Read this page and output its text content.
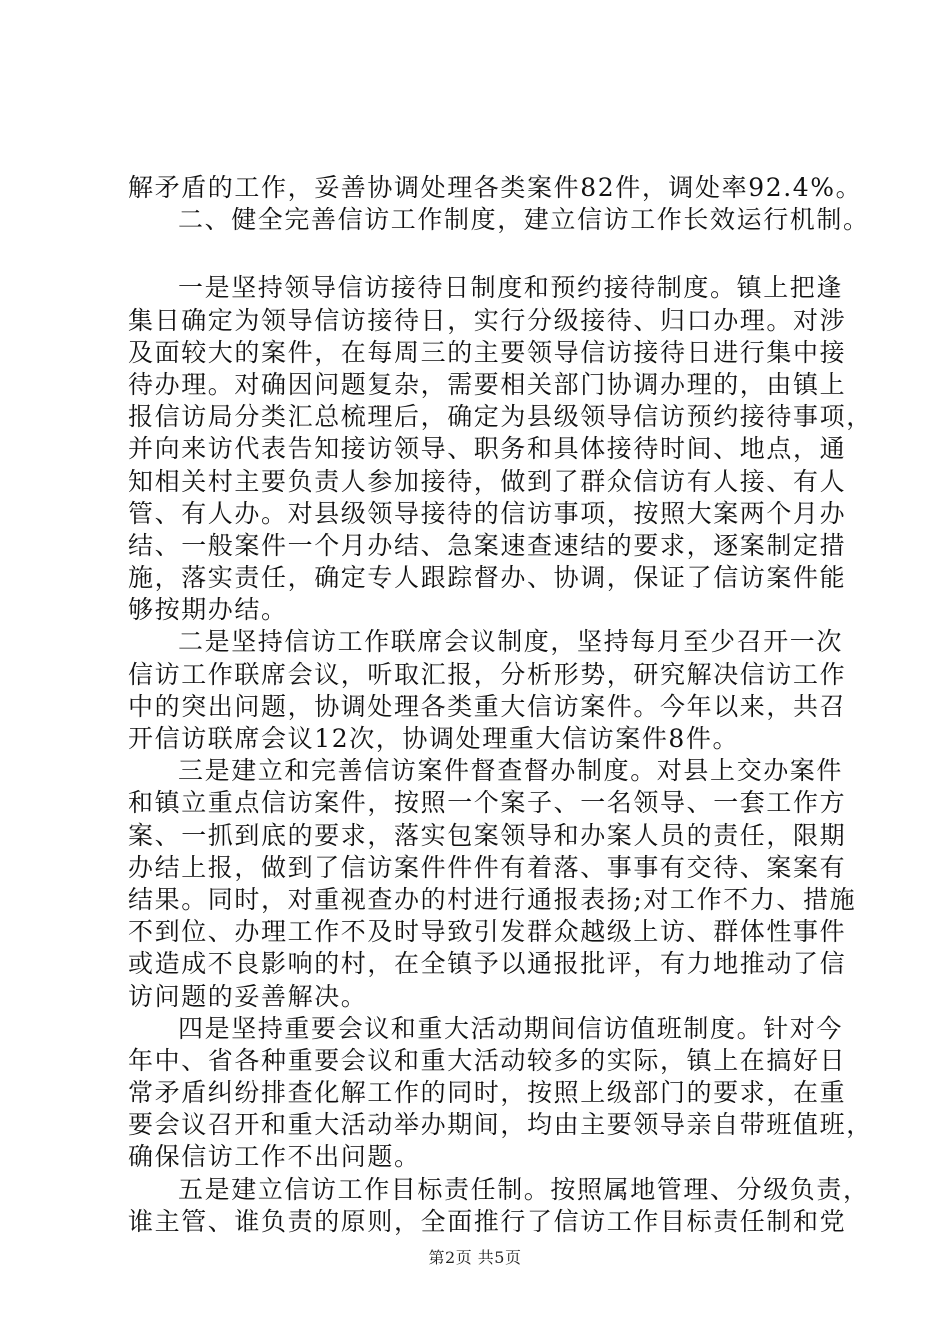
解矛盾的工作，妥善协调处理各类案件82件，调处率92.4%。
二、健全完善信访工作制度，建立信访工作长效运行机制。
一是坚持领导信访接待日制度和预约接待制度。镇上把逢
集日确定为领导信访接待日，实行分级接待、归口办理。对涉
及面较大的案件，在每周三的主要领导信访接待日进行集中接
待办理。对确因问题复杂，需要相关部门协调办理的，由镇上
报信访局分类汇总梳理后，确定为县级领导信访预约接待事项，
并向来访代表告知接访领导、职务和具体接待时间、地点，通
知相关村主要负责人参加接待，做到了群众信访有人接、有人
管、有人办。对县级领导接待的信访事项，按照大案两个月办
结、一般案件一个月办结、急案速查速结的要求，逐案制定措
施，落实责任，确定专人跟踪督办、协调，保证了信访案件能
够按期办结。
二是坚持信访工作联席会议制度，坚持每月至少召开一次
信访工作联席会议，听取汇报，分析形势，研究解决信访工作
中的突出问题，协调处理各类重大信访案件。今年以来，共召
开信访联席会议12次，协调处理重大信访案件8件。
三是建立和完善信访案件督查督办制度。对县上交办案件
和镇立重点信访案件，按照一个案子、一名领导、一套工作方
案、一抓到底的要求，落实包案领导和办案人员的责任，限期
办结上报，做到了信访案件件件有着落、事事有交待、案案有
结果。同时，对重视查办的村进行通报表扬;对工作不力、措施
不到位、办理工作不及时导致引发群众越级上访、群体性事件
或造成不良影响的村，在全镇予以通报批评，有力地推动了信
访问题的妥善解决。
四是坚持重要会议和重大活动期间信访值班制度。针对今
年中、省各种重要会议和重大活动较多的实际，镇上在搞好日
常矛盾纠纷排查化解工作的同时，按照上级部门的要求，在重
要会议召开和重大活动举办期间，均由主要领导亲自带班值班，
确保信访工作不出问题。
五是建立信访工作目标责任制。按照属地管理、分级负责，
谁主管、谁负责的原则，全面推行了信访工作目标责任制和党
第2页 共5页
